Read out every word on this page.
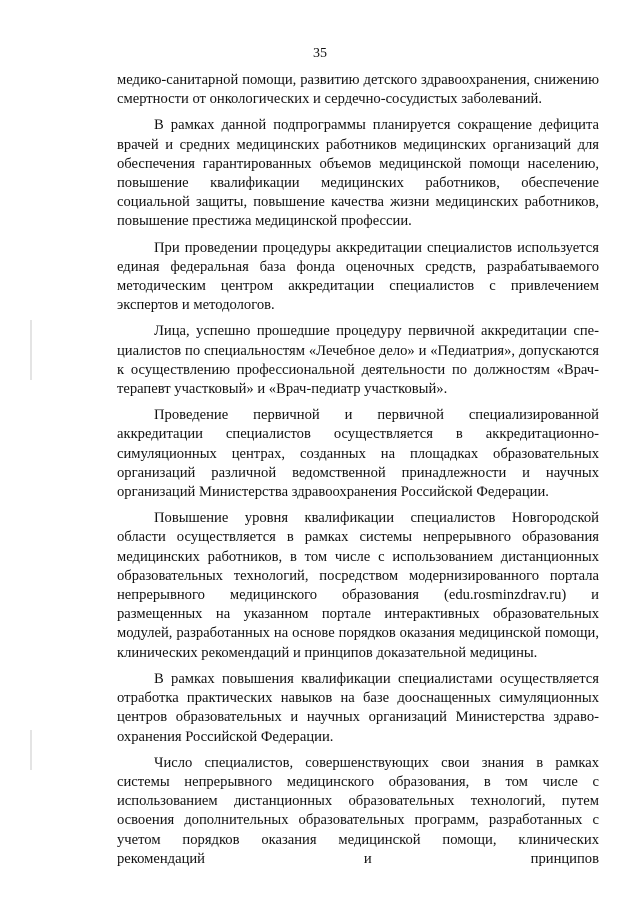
35

медико-санитарной помощи, развитию детского здравоохранения, снижению смертности от онкологических и сердечно-сосудистых заболеваний.

В рамках данной подпрограммы планируется сокращение дефицита врачей и средних медицинских работников медицинских организаций для обеспечения гарантированных объемов медицинской помощи населению, повышение квалификации медицинских работников, обеспечение социальной защиты, повышение качества жизни медицинских работников, повышение престижа медицинской профессии.

При проведении процедуры аккредитации специалистов используется единая федеральная база фонда оценочных средств, разрабатываемого методическим центром аккредитации специалистов с привлечением экспертов и методологов.

Лица, успешно прошедшие процедуру первичной аккредитации специалистов по специальностям «Лечебное дело» и «Педиатрия», допускаются к осуществлению профессиональной деятельности по должностям «Врач-терапевт участковый» и «Врач-педиатр участковый».

Проведение первичной и первичной специализированной аккредитации специалистов осуществляется в аккредитационно-симуляционных центрах, созданных на площадках образовательных организаций различной ведомственной принадлежности и научных организаций Министерства здравоохранения Российской Федерации.

Повышение уровня квалификации специалистов Новгородской области осуществляется в рамках системы непрерывного образования медицинских работников, в том числе с использованием дистанционных образовательных технологий, посредством модернизированного портала непрерывного медицинского образования (edu.rosminzdrav.ru) и размещенных на указанном портале интерактивных образовательных модулей, разработанных на основе порядков оказания медицинской помощи, клинических рекомендаций и принципов доказательной медицины.

В рамках повышения квалификации специалистами осуществляется отработка практических навыков на базе дооснащенных симуляционных центров образовательных и научных организаций Министерства здравоохранения Российской Федерации.

Число специалистов, совершенствующих свои знания в рамках системы непрерывного медицинского образования, в том числе с использованием дистанционных образовательных технологий, путем освоения дополнительных образовательных программ, разработанных с учетом порядков оказания медицинской помощи, клинических рекомендаций и принципов
